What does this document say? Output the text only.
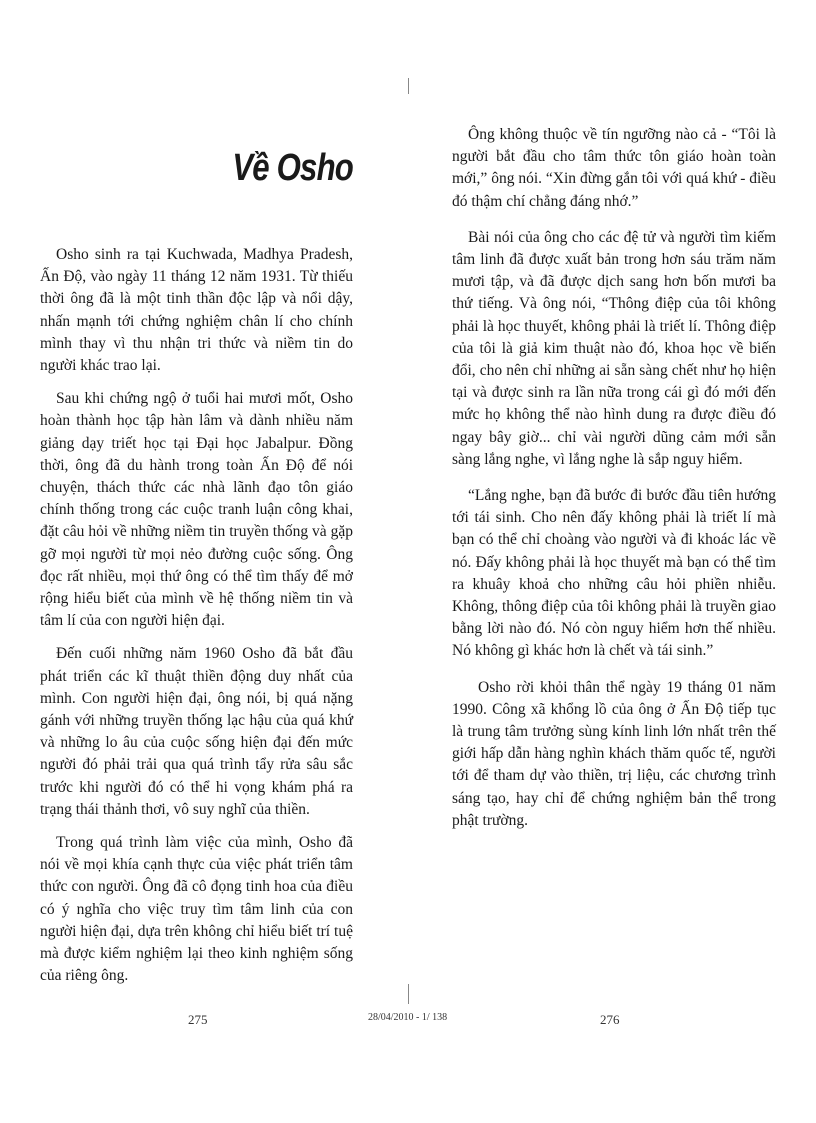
Về Osho

Osho sinh ra tại Kuchwada, Madhya Pradesh, Ấn Độ, vào ngày 11 tháng 12 năm 1931. Từ thiếu thời ông đã là một tinh thần độc lập và nổi dậy, nhấn mạnh tới chứng nghiệm chân lí cho chính mình thay vì thu nhận tri thức và niềm tin do người khác trao lại.

Sau khi chứng ngộ ở tuổi hai mươi mốt, Osho hoàn thành học tập hàn lâm và dành nhiều năm giảng dạy triết học tại Đại học Jabalpur. Đồng thời, ông đã du hành trong toàn Ấn Độ để nói chuyện, thách thức các nhà lãnh đạo tôn giáo chính thống trong các cuộc tranh luận công khai, đặt câu hỏi về những niềm tin truyền thống và gặp gỡ mọi người từ mọi nẻo đường cuộc sống. Ông đọc rất nhiều, mọi thứ ông có thể tìm thấy để mở rộng hiểu biết của mình về hệ thống niềm tin và tâm lí của con người hiện đại.

Đến cuối những năm 1960 Osho đã bắt đầu phát triển các kĩ thuật thiền động duy nhất của mình. Con người hiện đại, ông nói, bị quá nặng gánh với những truyền thống lạc hậu của quá khứ và những lo âu của cuộc sống hiện đại đến mức người đó phải trải qua quá trình tẩy rửa sâu sắc trước khi người đó có thể hi vọng khám phá ra trạng thái thảnh thơi, vô suy nghĩ của thiền.

Trong quá trình làm việc của mình, Osho đã nói về mọi khía cạnh thực của việc phát triển tâm thức con người. Ông đã cô đọng tinh hoa của điều có ý nghĩa cho việc truy tìm tâm linh của con người hiện đại, dựa trên không chỉ hiểu biết trí tuệ mà được kiểm nghiệm lại theo kinh nghiệm sống của riêng ông.

Ông không thuộc về tín ngưỡng nào cả - “Tôi là người bắt đầu cho tâm thức tôn giáo hoàn toàn mới,” ông nói. “Xin đừng gắn tôi với quá khứ - điều đó thậm chí chẳng đáng nhớ.”

Bài nói của ông cho các đệ tử và người tìm kiếm tâm linh đã được xuất bản trong hơn sáu trăm năm mươi tập, và đã được dịch sang hơn bốn mươi ba thứ tiếng. Và ông nói, “Thông điệp của tôi không phải là học thuyết, không phải là triết lí. Thông điệp của tôi là giả kim thuật nào đó, khoa học về biến đổi, cho nên chỉ những ai sẵn sàng chết như họ hiện tại và được sinh ra lần nữa trong cái gì đó mới đến mức họ không thể nào hình dung ra được điều đó ngay bây giờ... chỉ vài người dũng cảm mới sẵn sàng lắng nghe, vì lắng nghe là sắp nguy hiểm.

“Lắng nghe, bạn đã bước đi bước đầu tiên hướng tới tái sinh. Cho nên đấy không phải là triết lí mà bạn có thể chỉ choàng vào người và đi khoác lác về nó. Đấy không phải là học thuyết mà bạn có thể tìm ra khuây khoả cho những câu hỏi phiền nhiễu. Không, thông điệp của tôi không phải là truyền giao bằng lời nào đó. Nó còn nguy hiểm hơn thế nhiều. Nó không gì khác hơn là chết và tái sinh.”

Osho rời khỏi thân thể ngày 19 tháng 01 năm 1990. Công xã khổng lồ của ông ở Ấn Độ tiếp tục là trung tâm trưởng sùng kính linh lớn nhất trên thế giới hấp dẫn hàng nghìn khách thăm quốc tế, người tới để tham dự vào thiền, trị liệu, các chương trình sáng tạo, hay chỉ để chứng nghiệm bản thể trong phật trường.

275	28/04/2010 - 1/ 138	276
